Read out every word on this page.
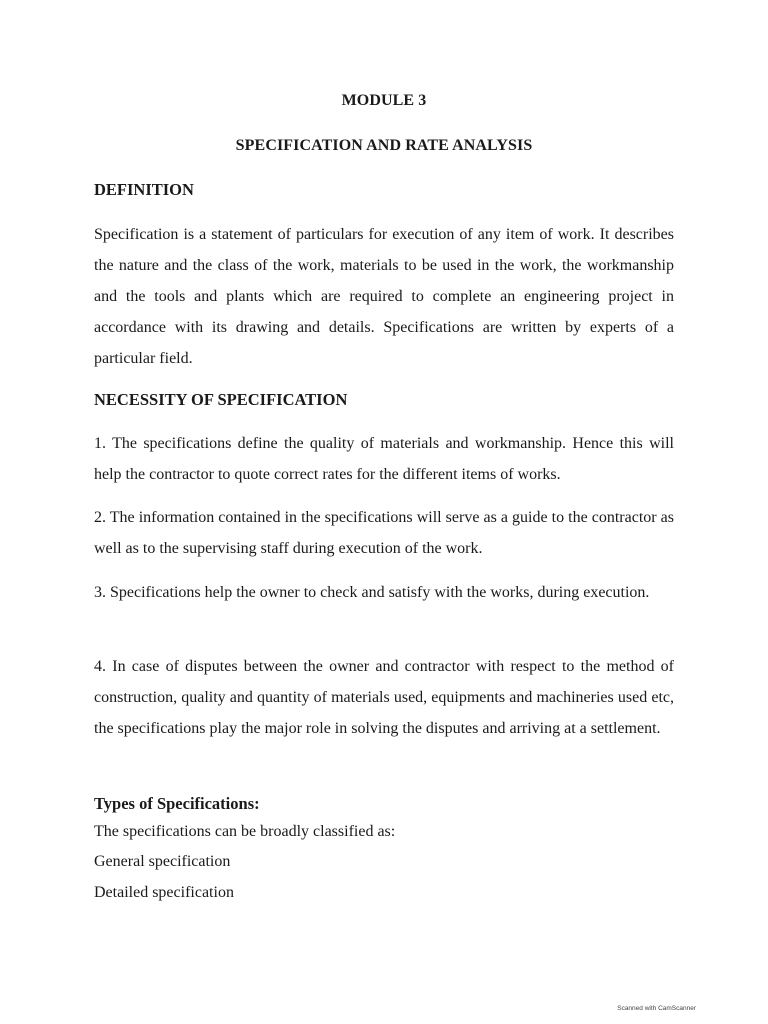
MODULE 3
SPECIFICATION AND RATE ANALYSIS
DEFINITION

Specification is a statement of particulars for execution of any item of work. It describes the nature and the class of the work, materials to be used in the work, the workmanship and the tools and plants which are required to complete an engineering project in accordance with its drawing and details. Specifications are written by experts of a particular field.

NECESSITY OF SPECIFICATION

1. The specifications define the quality of materials and workmanship. Hence this will help the contractor to quote correct rates for the different items of works.

2. The information contained in the specifications will serve as a guide to the contractor as well as to the supervising staff during execution of the work.

3. Specifications help the owner to check and satisfy with the works, during execution.

4. In case of disputes between the owner and contractor with respect to the method of construction, quality and quantity of materials used, equipments and machineries used etc, the specifications play the major role in solving the disputes and arriving at a settlement.

Types of Specifications:

The specifications can be broadly classified as:

General specification

Detailed specification

Scanned with CamScanner
